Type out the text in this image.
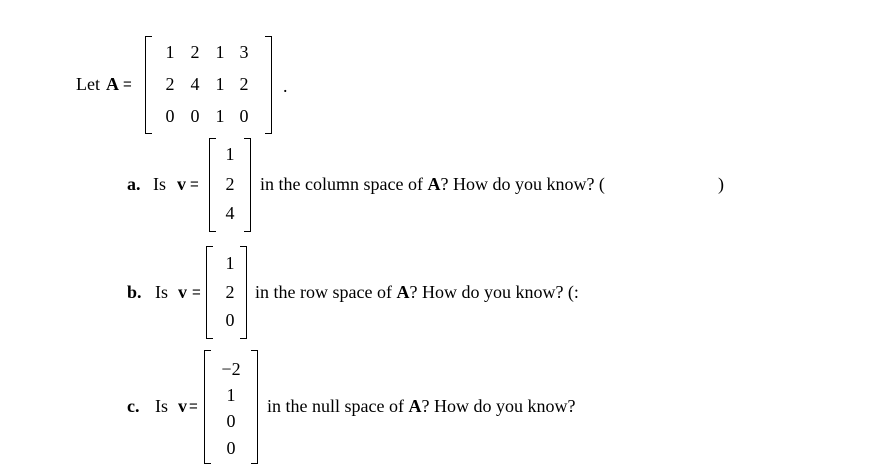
Let A =
1 2 1 3
2 4 1 2
0 0 1 0
.
a. Is v =
1
2
4
in the column space of A? How do you know? (	)
b. Is v =
1
2
0
in the row space of A? How do you know? (:
c. Is v =
−2
1
0
0
in the null space of A? How do you know?
